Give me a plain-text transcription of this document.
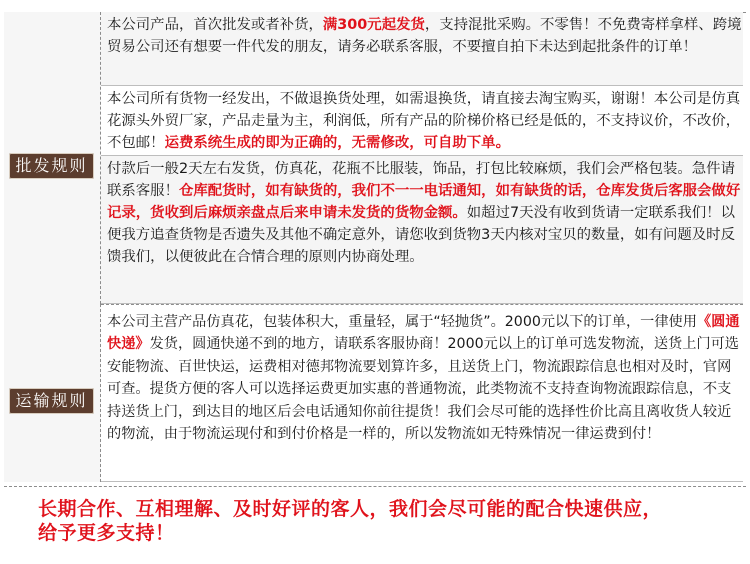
批发规则

本公司产品，首次批发或者补货，满300元起发货，支持混批采购。不零售！不免费寄样拿样、跨境贸易公司还有想要一件代发的朋友，请务必联系客服，不要擅自拍下未达到起批条件的订单！

本公司所有货物一经发出，不做退换货处理，如需退换货，请直接去淘宝购买，谢谢！本公司是仿真花源头外贸厂家，产品走量为主，利润低，所有产品的阶梯价格已经是低的，不支持议价，不改价，不包邮！运费系统生成的即为正确的，无需修改，可自助下单。

付款后一般2天左右发货，仿真花，花瓶不比服装，饰品，打包比较麻烦，我们会严格包装。急件请联系客服！仓库配货时，如有缺货的，我们不一一电话通知，如有缺货的话，仓库发货后客服会做好记录，货收到后麻烦亲盘点后来申请未发货的货物金额。如超过7天没有收到货请一定联系我们！以便我方追查货物是否遗失及其他不确定意外，请您收到货物3天内核对宝贝的数量，如有问题及时反馈我们，以便彼此在合情合理的原则内协商处理。

运输规则

本公司主营产品仿真花，包装体积大，重量轻，属于“轻抛货”。2000元以下的订单，一律使用《圆通快递》发货，圆通快递不到的地方，请联系客服协商！2000元以上的订单可选发物流，送货上门可选安能物流、百世快运，运费相对德邦物流要划算许多，且送货上门，物流跟踪信息也相对及时，官网可查。提货方便的客人可以选择运费更加实惠的普通物流，此类物流不支持查询物流跟踪信息，不支持送货上门，到达目的地区后会电话通知你前往提货！我们会尽可能的选择性价比高且离收货人较近的物流，由于物流运现付和到付价格是一样的，所以发物流如无特殊情况一律运费到付！

长期合作、互相理解、及时好评的客人，我们会尽可能的配合快速供应，
给予更多支持！
